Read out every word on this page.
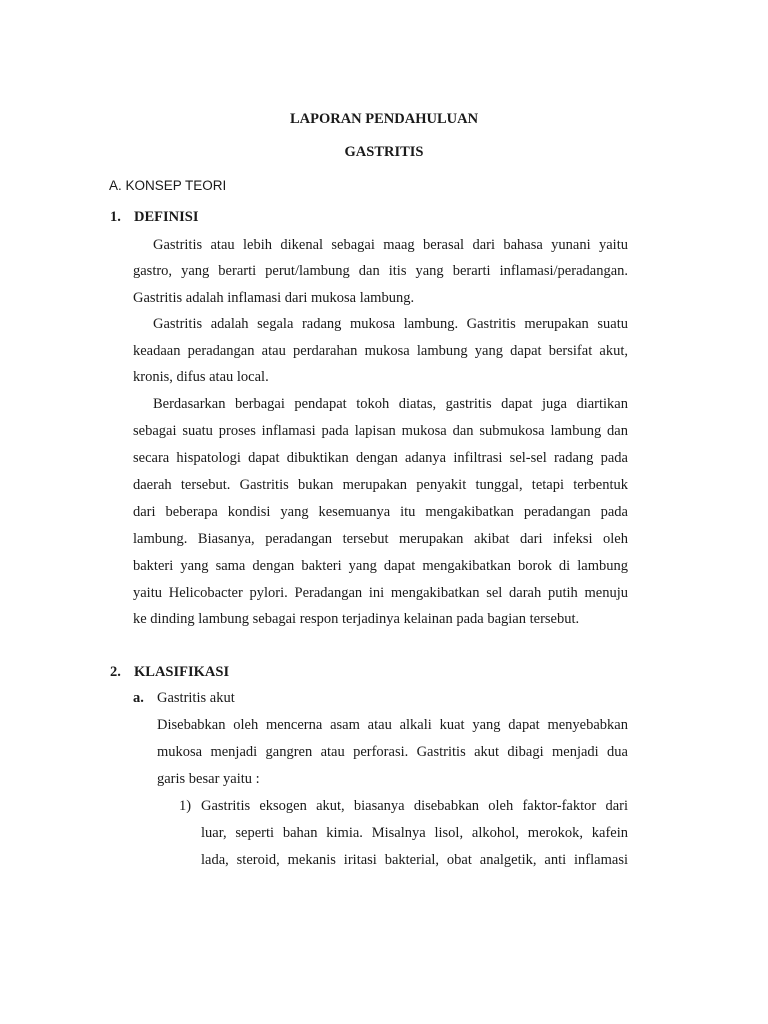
LAPORAN PENDAHULUAN

GASTRITIS

A. KONSEP TEORI

1. DEFINISI

Gastritis atau lebih dikenal sebagai maag berasal dari bahasa yunani yaitu

gastro, yang berarti perut/lambung dan itis yang berarti inflamasi/peradangan.

Gastritis adalah inflamasi dari mukosa lambung.

Gastritis adalah segala radang mukosa lambung. Gastritis merupakan suatu

keadaan peradangan atau perdarahan mukosa lambung yang dapat bersifat akut,

kronis, difus atau local.

Berdasarkan berbagai pendapat tokoh diatas, gastritis dapat juga diartikan

sebagai suatu proses inflamasi pada lapisan mukosa dan submukosa lambung dan

secara hispatologi dapat dibuktikan dengan adanya infiltrasi sel-sel radang pada

daerah tersebut. Gastritis bukan merupakan penyakit tunggal, tetapi terbentuk

dari beberapa kondisi yang kesemuanya itu mengakibatkan peradangan pada

lambung. Biasanya, peradangan tersebut merupakan akibat dari infeksi oleh

bakteri yang sama dengan bakteri yang dapat mengakibatkan borok di lambung

yaitu Helicobacter pylori. Peradangan ini mengakibatkan sel darah putih menuju

ke dinding lambung sebagai respon terjadinya kelainan pada bagian tersebut.

2. KLASIFIKASI

a. Gastritis akut

Disebabkan oleh mencerna asam atau alkali kuat yang dapat menyebabkan

mukosa menjadi gangren atau perforasi. Gastritis akut dibagi menjadi dua

garis besar yaitu :

1) Gastritis eksogen akut, biasanya disebabkan oleh faktor-faktor dari

luar, seperti bahan kimia. Misalnya lisol, alkohol, merokok, kafein

lada, steroid, mekanis iritasi bakterial, obat analgetik, anti inflamasi
